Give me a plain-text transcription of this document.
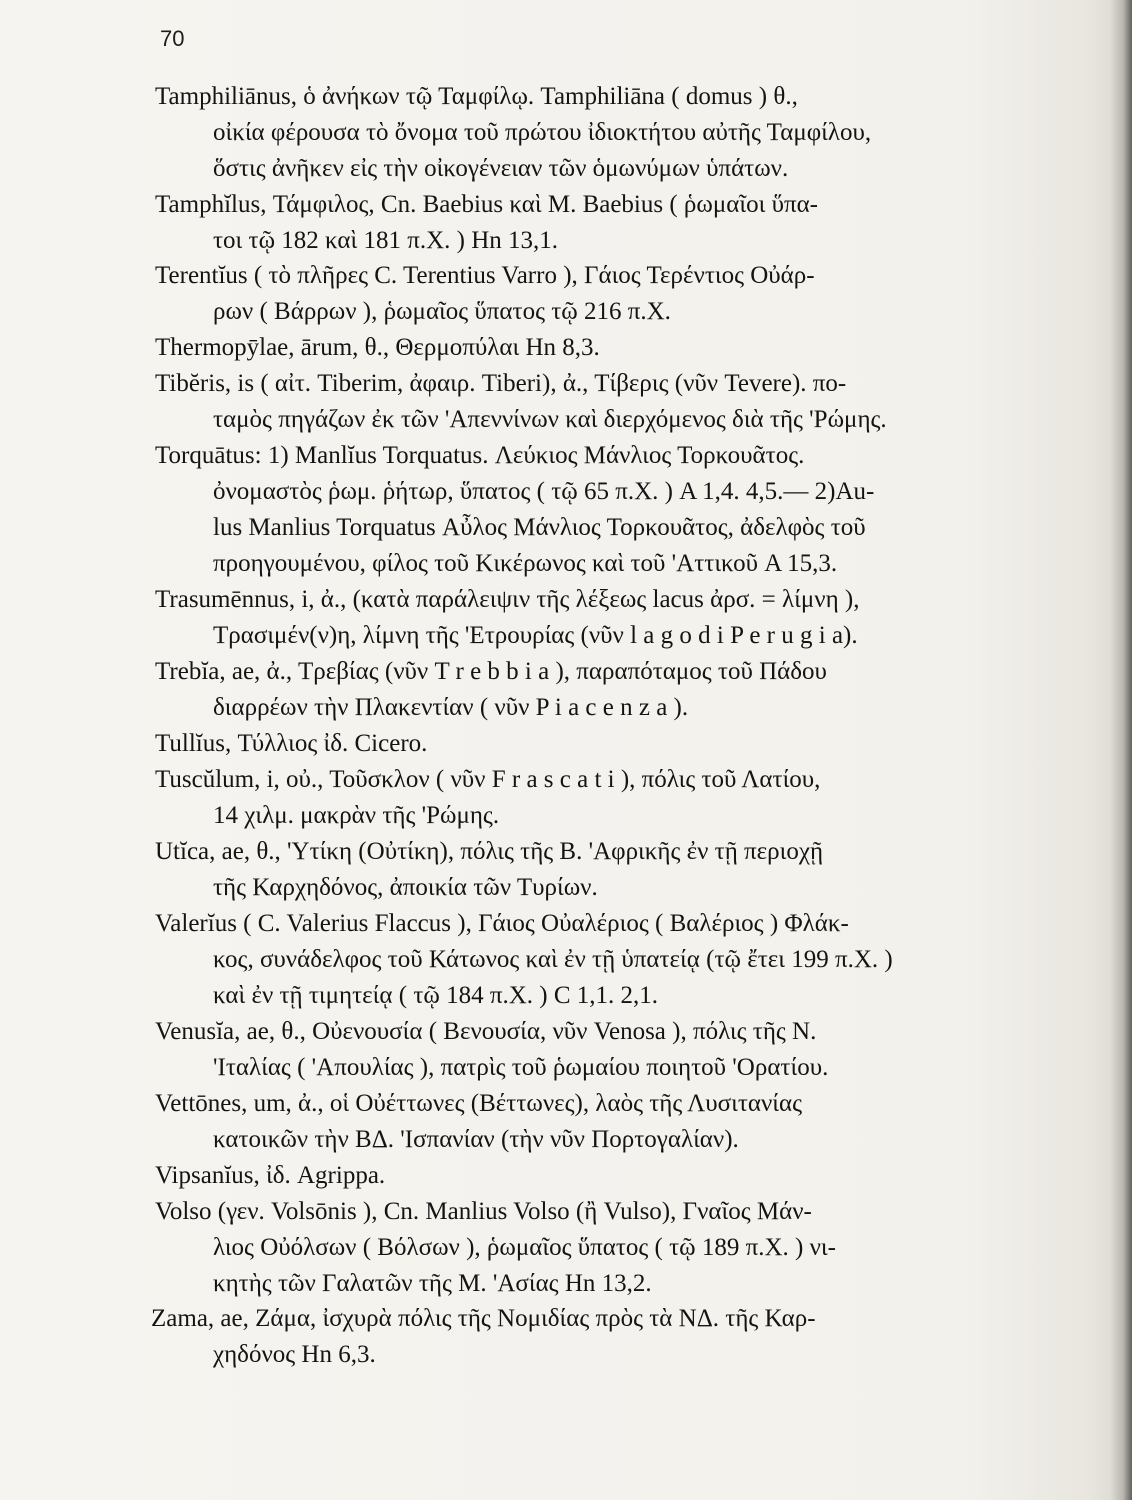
70
Tamphiliānus, ὁ ἀνήκων τῷ Ταμφίλῳ. Tamphiliāna ( domus ) θ.,
οἰκία φέρουσα τὸ ὄνομα τοῦ πρώτου ἰδιοκτήτου αὐτῆς Ταμφίλου,
ὅστις ἀνῆκεν εἰς τὴν οἰκογένειαν τῶν ὁμωνύμων ὑπάτων.
Tamphĭlus, Τάμφιλος, Cn. Baebius καὶ M. Baebius ( ῥωμαῖοι ὕπα-
τοι τῷ 182 καὶ 181 π.Χ. ) Hn 13,1.
Terentĭus ( τὸ πλῆρες C. Terentius Varro ), Γάιος Τερέντιος Οὐάρ-
ρων ( Βάρρων ), ῥωμαῖος ὕπατος τῷ 216 π.Χ.
Thermopȳlae, ārum, θ., Θερμοπύλαι Hn 8,3.
Tibĕris, is ( αἰτ. Tiberim, ἀφαιρ. Tiberi), ἀ., Τίβερις (νῦν Tevere). πο-
ταμὸς πηγάζων ἐκ τῶν 'Απεννίνων καὶ διερχόμενος διὰ τῆς 'Ρώμης.
Torquātus: 1) Manlĭus Torquatus. Λεύκιος Μάνλιος Τορκουᾶτος.
ὀνομαστὸς ῥωμ. ῥήτωρ, ὕπατος ( τῷ 65 π.Χ. ) A 1,4. 4,5.— 2)Au-
lus Manlius Torquatus Αὖλος Μάνλιος Τορκουᾶτος, ἀδελφὸς τοῦ
προηγουμένου, φίλος τοῦ Κικέρωνος καὶ τοῦ 'Αττικοῦ A 15,3.
Trasumēnnus, i, ἀ., (κατὰ παράλειψιν τῆς λέξεως lacus ἀρσ. = λίμνη ),
Τρασιμέν(ν)η, λίμνη τῆς 'Ετρουρίας (νῦν l a g o d i P e r u g i a).
Trebĭa, ae, ἀ., Τρεβίας (νῦν T r e b b i a ), παραπόταμος τοῦ Πάδου
διαρρέων τὴν Πλακεντίαν ( νῦν P i a c e n z a ).
Tullĭus, Τύλλιος ἰδ. Cicero.
Tuscŭlum, i, οὐ., Τοῦσκλον ( νῦν F r a s c a t i ), πόλις τοῦ Λατίου,
14 χιλμ. μακρὰν τῆς 'Ρώμης.
Utĭca, ae, θ., 'Υτίκη (Οὐτίκη), πόλις τῆς B. 'Αφρικῆς ἐν τῇ περιοχῇ
τῆς Καρχηδόνος, ἀποικία τῶν Τυρίων.
Valerĭus ( C. Valerius Flaccus ), Γάιος Οὐαλέριος ( Βαλέριος ) Φλάκ-
κος, συνάδελφος τοῦ Κάτωνος καὶ ἐν τῇ ὑπατείᾳ (τῷ ἔτει 199 π.Χ. )
καὶ ἐν τῇ τιμητείᾳ ( τῷ 184 π.Χ. ) C 1,1. 2,1.
Venusĭa, ae, θ., Οὐενουσία ( Βενουσία, νῦν Venosa ), πόλις τῆς N.
'Ιταλίας ( 'Απουλίας ), πατρὶς τοῦ ῥωμαίου ποιητοῦ 'Ορατίου.
Vettōnes, um, ἀ., οἱ Οὐέττωνες (Βέττωνες), λαὸς τῆς Λυσιτανίας
κατοικῶν τὴν ΒΔ. 'Ισπανίαν (τὴν νῦν Πορτογαλίαν).
Vipsanĭus, ἰδ. Agrippa.
Volso (γεν. Volsōnis ), Cn. Manlius Volso (ἢ Vulso), Γναῖος Μάν-
λιος Οὐόλσων ( Βόλσων ), ῥωμαῖος ὕπατος ( τῷ 189 π.Χ. ) νι-
κητὴς τῶν Γαλατῶν τῆς M. 'Ασίας Hn 13,2.
Zama, ae, Ζάμα, ἰσχυρὰ πόλις τῆς Νομιδίας πρὸς τὰ ΝΔ. τῆς Καρ-
χηδόνος Hn 6,3.
